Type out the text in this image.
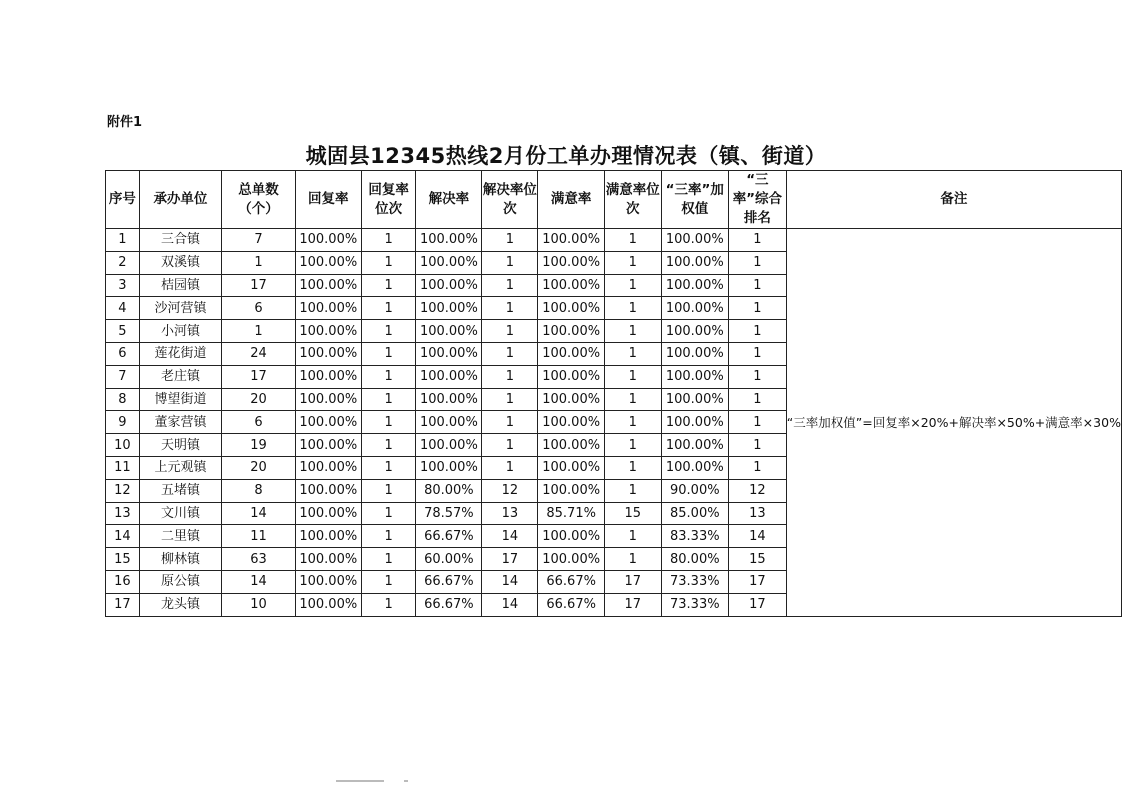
附件1
城固县12345热线2月份工单办理情况表（镇、街道）
序号	承办单位	总单数（个）	回复率	回复率位次	解决率	解决率位次	满意率	满意率位次	“三率”加权值	“三率”综合排名	备注
1	三合镇	7	100.00%	1	100.00%	1	100.00%	1	100.00%	1	“三率加权值”=回复率×20%+解决率×50%+满意率×30%
2	双溪镇	1	100.00%	1	100.00%	1	100.00%	1	100.00%	1	
3	桔园镇	17	100.00%	1	100.00%	1	100.00%	1	100.00%	1	
4	沙河营镇	6	100.00%	1	100.00%	1	100.00%	1	100.00%	1	
5	小河镇	1	100.00%	1	100.00%	1	100.00%	1	100.00%	1	
6	莲花街道	24	100.00%	1	100.00%	1	100.00%	1	100.00%	1	
7	老庄镇	17	100.00%	1	100.00%	1	100.00%	1	100.00%	1	
8	博望街道	20	100.00%	1	100.00%	1	100.00%	1	100.00%	1	
9	董家营镇	6	100.00%	1	100.00%	1	100.00%	1	100.00%	1	
10	天明镇	19	100.00%	1	100.00%	1	100.00%	1	100.00%	1	
11	上元观镇	20	100.00%	1	100.00%	1	100.00%	1	100.00%	1	
12	五堵镇	8	100.00%	1	80.00%	12	100.00%	1	90.00%	12	
13	文川镇	14	100.00%	1	78.57%	13	85.71%	15	85.00%	13	
14	二里镇	11	100.00%	1	66.67%	14	100.00%	1	83.33%	14	
15	柳林镇	63	100.00%	1	60.00%	17	100.00%	1	80.00%	15	
16	原公镇	14	100.00%	1	66.67%	14	66.67%	17	73.33%	17	
17	龙头镇	10	100.00%	1	66.67%	14	66.67%	17	73.33%	17	
